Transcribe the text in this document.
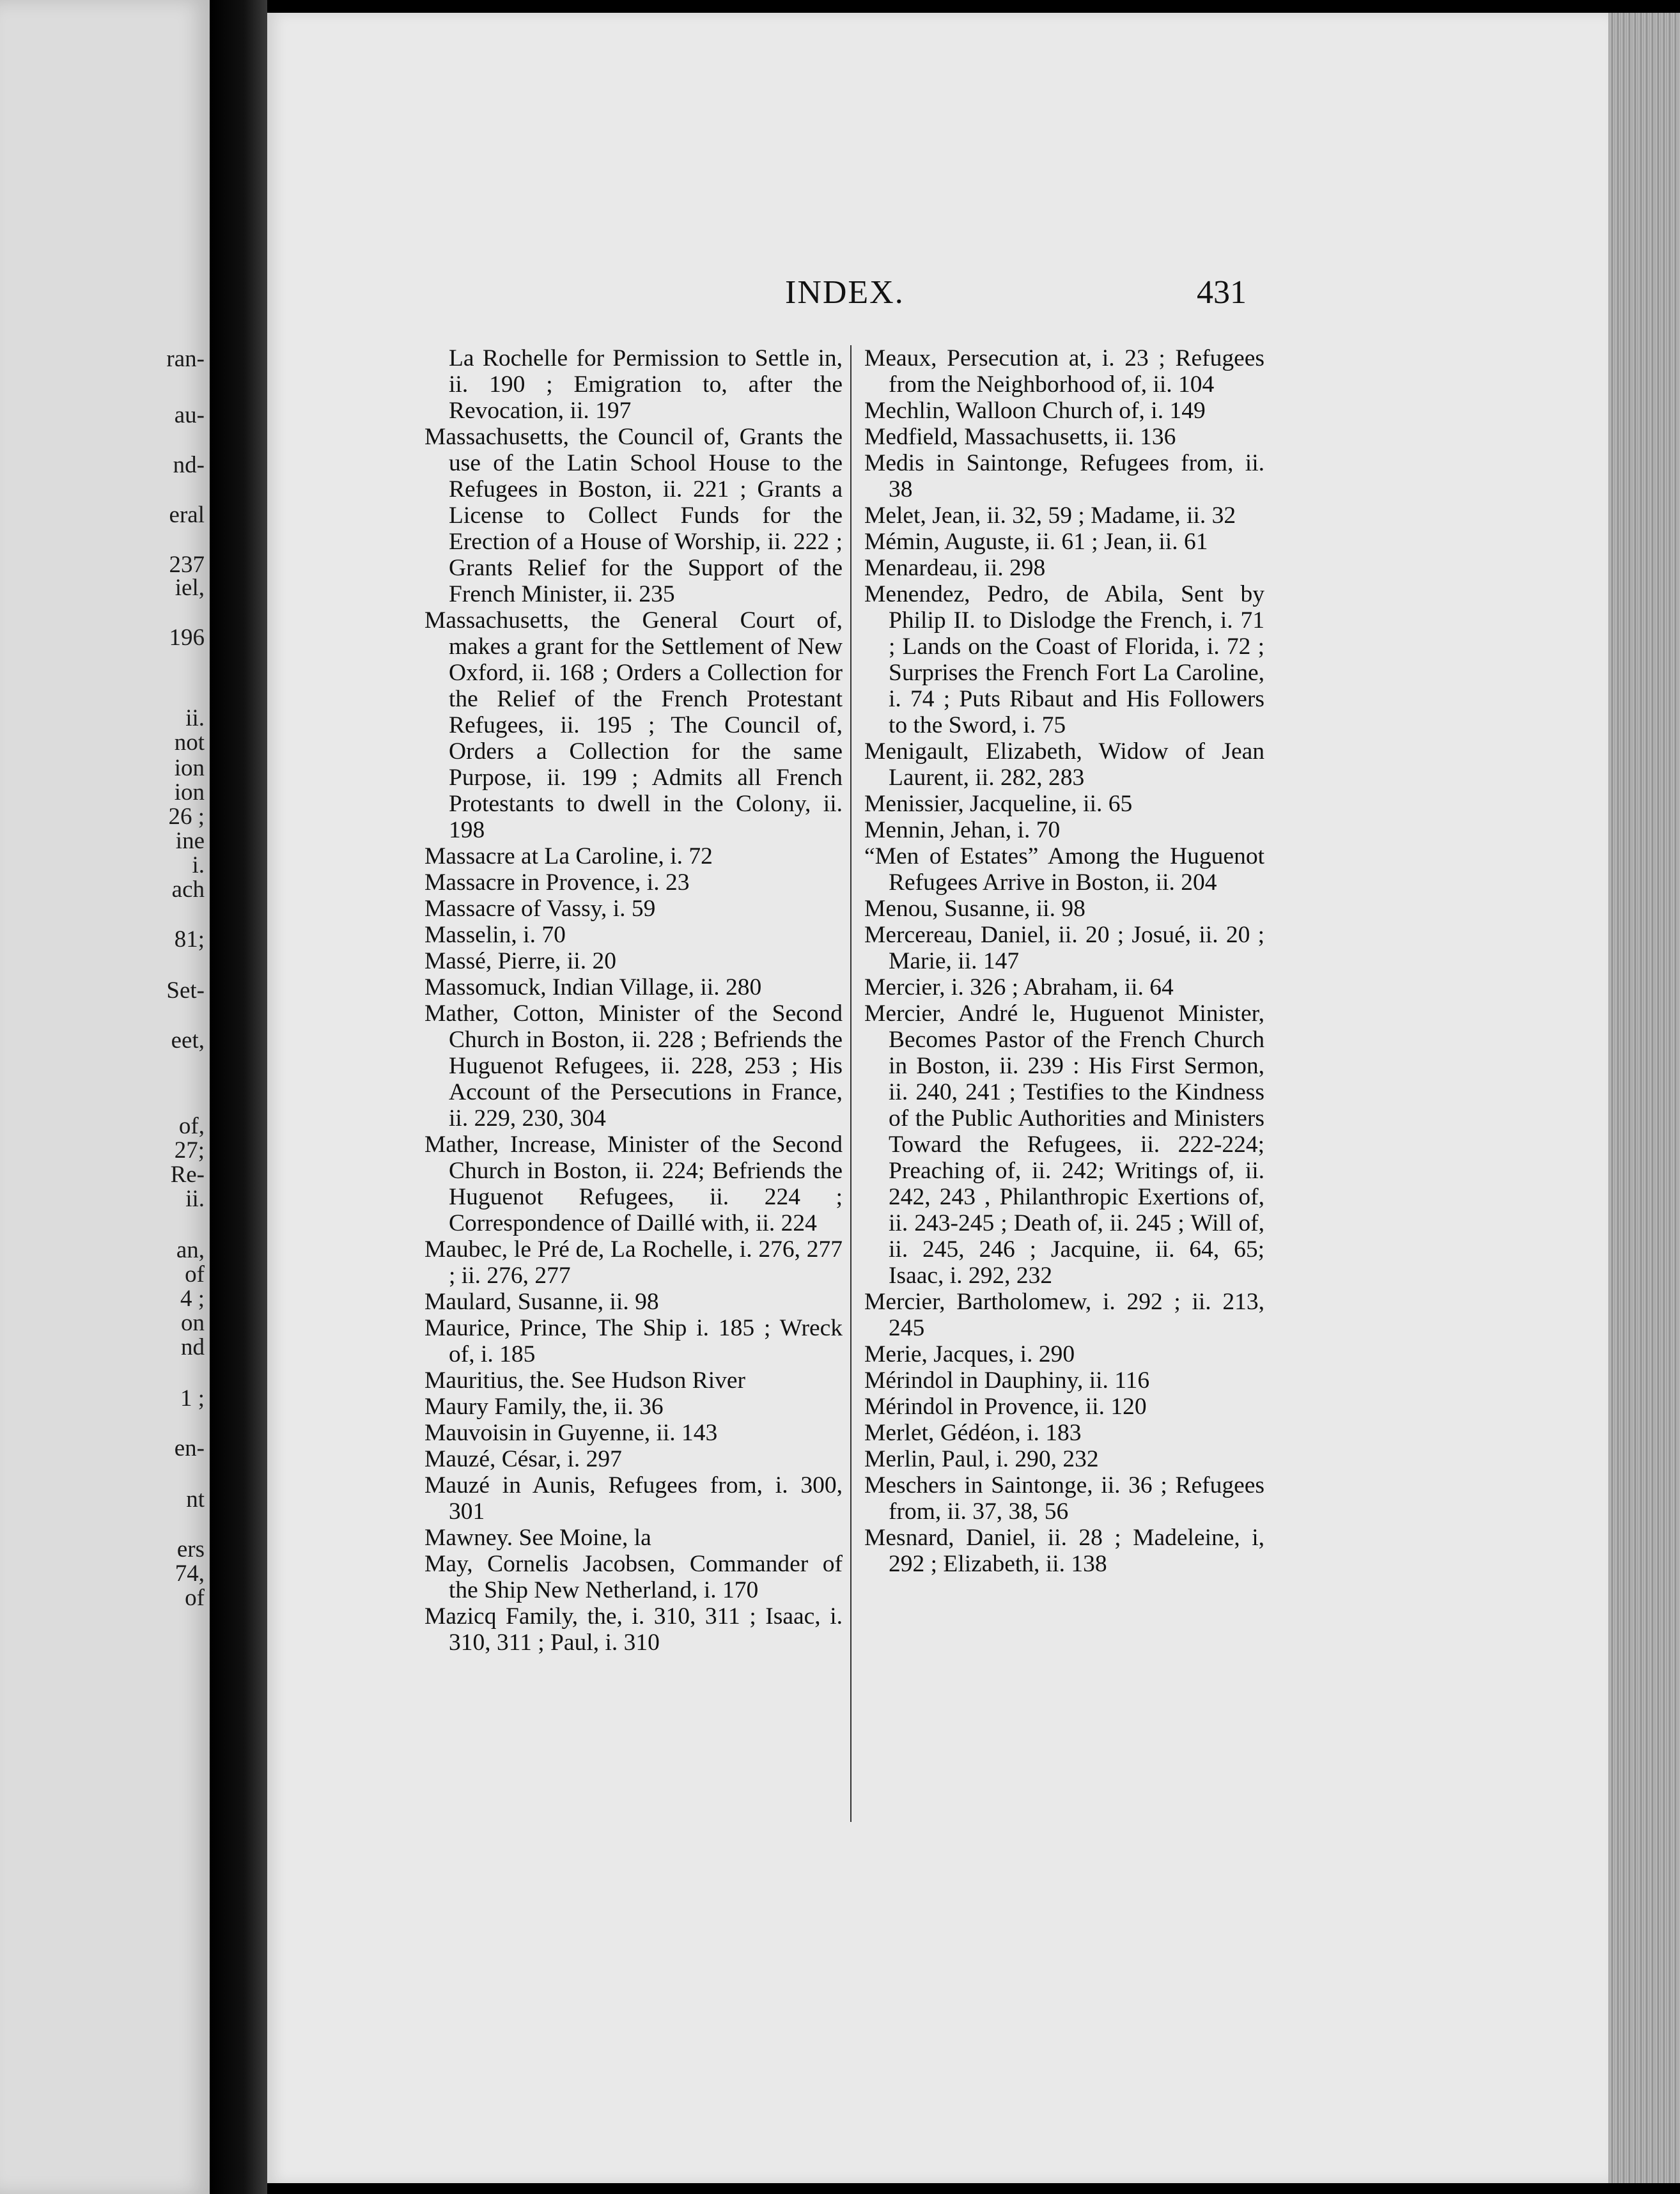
ran-
au-
nd-
eral
237
iel,
196
ii.
not
ion
ion
26 ;
ine
i.
ach
81;
Set-
eet,
of,
27;
Re-
ii.
an,
of
4 ;
on
nd
1 ;
en-
nt
ers
74,
of
INDEX.	431
La Rochelle for Permission to Settle in, ii. 190 ; Emigration to, after the Revocation, ii. 197
Massachusetts, the Council of, Grants the use of the Latin School House to the Refugees in Boston, ii. 221 ; Grants a License to Collect Funds for the Erection of a House of Worship, ii. 222 ; Grants Relief for the Support of the French Minister, ii. 235
Massachusetts, the General Court of, makes a grant for the Settlement of New Oxford, ii. 168 ; Orders a Collection for the Relief of the French Protestant Refugees, ii. 195 ; The Council of, Orders a Collection for the same Purpose, ii. 199 ; Admits all French Protestants to dwell in the Colony, ii. 198
Massacre at La Caroline, i. 72
Massacre in Provence, i. 23
Massacre of Vassy, i. 59
Masselin, i. 70
Massé, Pierre, ii. 20
Massomuck, Indian Village, ii. 280
Mather, Cotton, Minister of the Second Church in Boston, ii. 228 ; Befriends the Huguenot Refugees, ii. 228, 253 ; His Account of the Persecutions in France, ii. 229, 230, 304
Mather, Increase, Minister of the Second Church in Boston, ii. 224; Befriends the Huguenot Refugees, ii. 224 ; Correspondence of Daillé with, ii. 224
Maubec, le Pré de, La Rochelle, i. 276, 277 ; ii. 276, 277
Maulard, Susanne, ii. 98
Maurice, Prince, The Ship i. 185 ; Wreck of, i. 185
Mauritius, the. See Hudson River
Maury Family, the, ii. 36
Mauvoisin in Guyenne, ii. 143
Mauzé, César, i. 297
Mauzé in Aunis, Refugees from, i. 300, 301
Mawney. See Moine, la
May, Cornelis Jacobsen, Commander of the Ship New Netherland, i. 170
Mazicq Family, the, i. 310, 311 ; Isaac, i. 310, 311 ; Paul, i. 310
Meaux, Persecution at, i. 23 ; Refugees from the Neighborhood of, ii. 104
Mechlin, Walloon Church of, i. 149
Medfield, Massachusetts, ii. 136
Medis in Saintonge, Refugees from, ii. 38
Melet, Jean, ii. 32, 59 ; Madame, ii. 32
Mémin, Auguste, ii. 61 ; Jean, ii. 61
Menardeau, ii. 298
Menendez, Pedro, de Abila, Sent by Philip II. to Dislodge the French, i. 71 ; Lands on the Coast of Florida, i. 72 ; Surprises the French Fort La Caroline, i. 74 ; Puts Ribaut and His Followers to the Sword, i. 75
Menigault, Elizabeth, Widow of Jean Laurent, ii. 282, 283
Menissier, Jacqueline, ii. 65
Mennin, Jehan, i. 70
“Men of Estates” Among the Huguenot Refugees Arrive in Boston, ii. 204
Menou, Susanne, ii. 98
Mercereau, Daniel, ii. 20 ; Josué, ii. 20 ; Marie, ii. 147
Mercier, i. 326 ; Abraham, ii. 64
Mercier, André le, Huguenot Minister, Becomes Pastor of the French Church in Boston, ii. 239 : His First Sermon, ii. 240, 241 ; Testifies to the Kindness of the Public Authorities and Ministers Toward the Refugees, ii. 222-224; Preaching of, ii. 242; Writings of, ii. 242, 243 , Philanthropic Exertions of, ii. 243-245 ; Death of, ii. 245 ; Will of, ii. 245, 246 ; Jacquine, ii. 64, 65; Isaac, i. 292, 232
Mercier, Bartholomew, i. 292 ; ii. 213, 245
Merie, Jacques, i. 290
Mérindol in Dauphiny, ii. 116
Mérindol in Provence, ii. 120
Merlet, Gédéon, i. 183
Merlin, Paul, i. 290, 232
Meschers in Saintonge, ii. 36 ; Refugees from, ii. 37, 38, 56
Mesnard, Daniel, ii. 28 ; Madeleine, i, 292 ; Elizabeth, ii. 138
